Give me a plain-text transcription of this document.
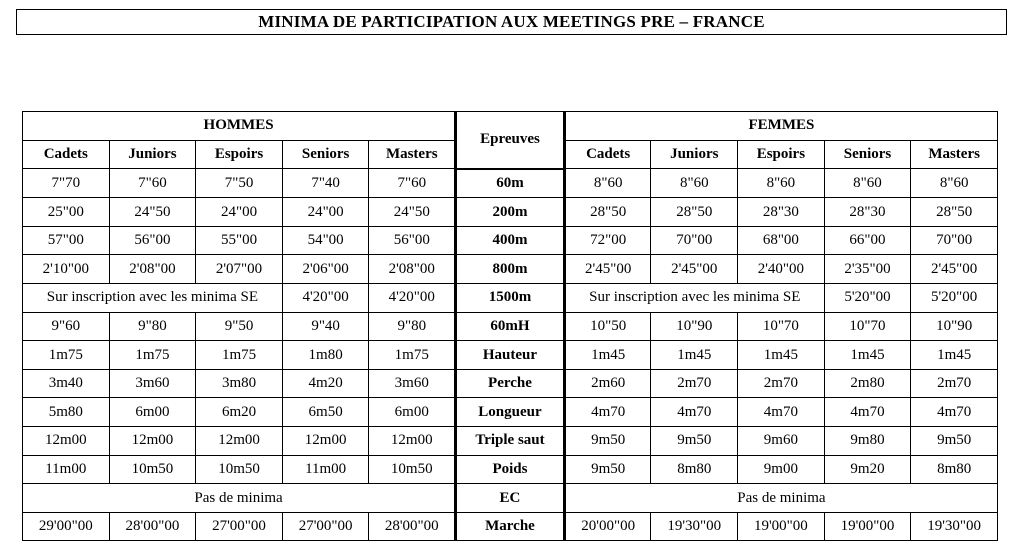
MINIMA DE PARTICIPATION AUX MEETINGS PRE – FRANCE
HOMMES					Epreuves	FEMMES				
Cadets	Juniors	Espoirs	Seniors	Masters		Cadets	Juniors	Espoirs	Seniors	Masters
7"70	7"60	7"50	7"40	7"60	60m	8"60	8"60	8"60	8"60	8"60
25"00	24"50	24"00	24"00	24"50	200m	28"50	28"50	28"30	28"30	28"50
57"00	56"00	55"00	54"00	56"00	400m	72"00	70"00	68"00	66"00	70"00
2'10"00	2'08"00	2'07"00	2'06"00	2'08"00	800m	2'45"00	2'45"00	2'40"00	2'35"00	2'45"00
Sur inscription avec les minima SE			4'20"00	4'20"00	1500m	Sur inscription avec les minima SE			5'20"00	5'20"00
9"60	9"80	9"50	9"40	9"80	60mH	10"50	10"90	10"70	10"70	10"90
1m75	1m75	1m75	1m80	1m75	Hauteur	1m45	1m45	1m45	1m45	1m45
3m40	3m60	3m80	4m20	3m60	Perche	2m60	2m70	2m70	2m80	2m70
5m80	6m00	6m20	6m50	6m00	Longueur	4m70	4m70	4m70	4m70	4m70
12m00	12m00	12m00	12m00	12m00	Triple saut	9m50	9m50	9m60	9m80	9m50
11m00	10m50	10m50	11m00	10m50	Poids	9m50	8m80	9m00	9m20	8m80
Pas de minima					EC	Pas de minima				
29'00"00	28'00"00	27'00"00	27'00"00	28'00"00	Marche	20'00"00	19'30"00	19'00"00	19'00"00	19'30"00
